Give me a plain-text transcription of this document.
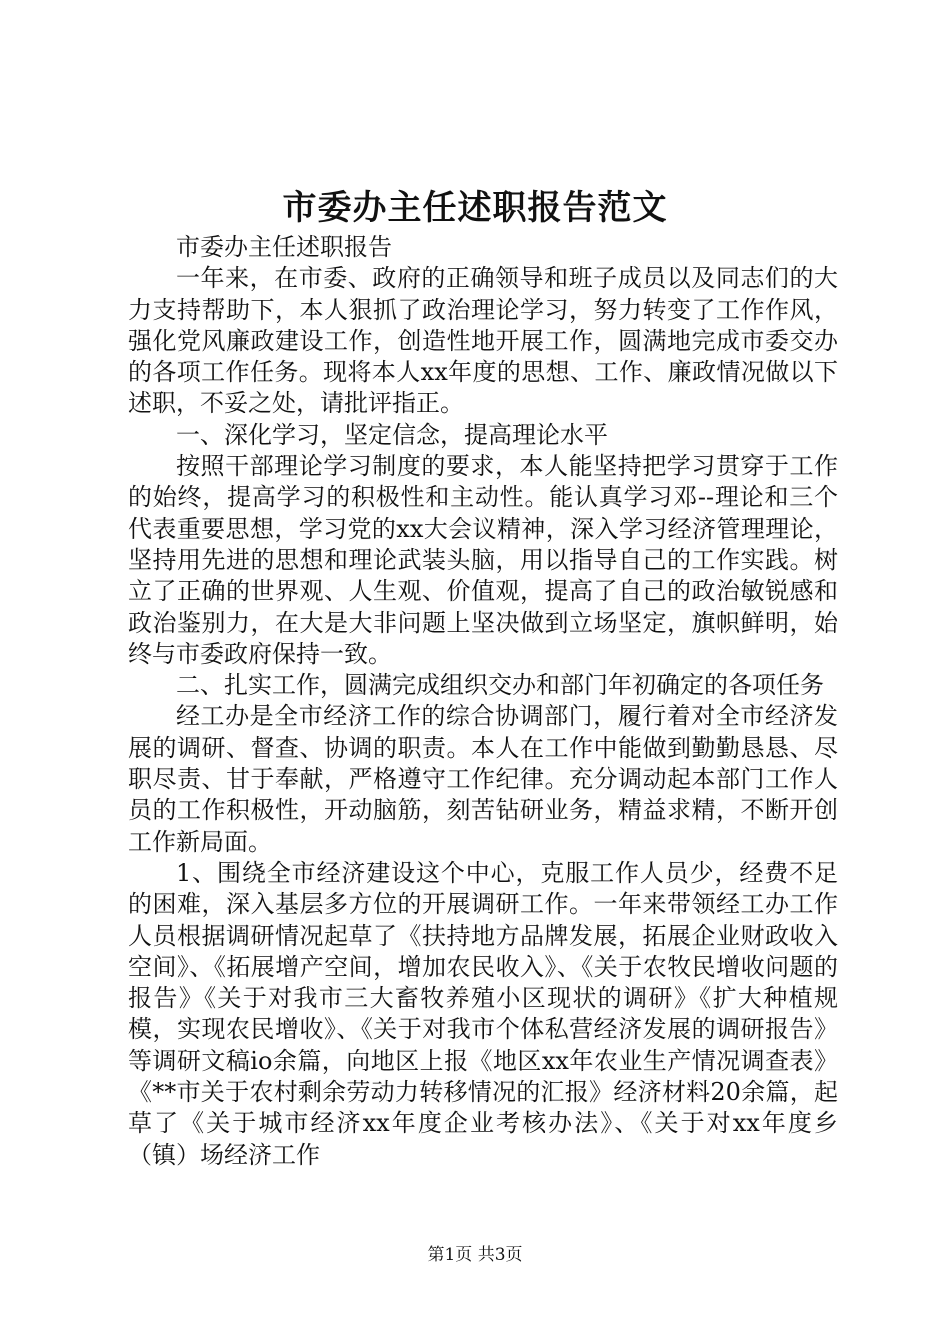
市委办主任述职报告范文

市委办主任述职报告

一年来，在市委、政府的正确领导和班子成员以及同志们的大力支持帮助下，本人狠抓了政治理论学习，努力转变了工作作风，强化党风廉政建设工作，创造性地开展工作，圆满地完成市委交办的各项工作任务。现将本人xx年度的思想、工作、廉政情况做以下述职，不妥之处，请批评指正。

一、深化学习，坚定信念，提高理论水平

按照干部理论学习制度的要求，本人能坚持把学习贯穿于工作的始终，提高学习的积极性和主动性。能认真学习邓--理论和三个代表重要思想，学习党的xx大会议精神，深入学习经济管理理论，坚持用先进的思想和理论武装头脑，用以指导自己的工作实践。树立了正确的世界观、人生观、价值观，提高了自己的政治敏锐感和政治鉴别力，在大是大非问题上坚决做到立场坚定，旗帜鲜明，始终与市委政府保持一致。

二、扎实工作，圆满完成组织交办和部门年初确定的各项任务

经工办是全市经济工作的综合协调部门，履行着对全市经济发展的调研、督查、协调的职责。本人在工作中能做到勤勤恳恳、尽职尽责、甘于奉献，严格遵守工作纪律。充分调动起本部门工作人员的工作积极性，开动脑筋，刻苦钻研业务，精益求精，不断开创工作新局面。

1、围绕全市经济建设这个中心，克服工作人员少，经费不足的困难，深入基层多方位的开展调研工作。一年来带领经工办工作人员根据调研情况起草了《扶持地方品牌发展，拓展企业财政收入空间》、《拓展增产空间，增加农民收入》、《关于农牧民增收问题的报告》《关于对我市三大畜牧养殖小区现状的调研》《扩大种植规模，实现农民增收》、《关于对我市个体私营经济发展的调研报告》等调研文稿io余篇，向地区上报《地区xx年农业生产情况调查表》《**市关于农村剩余劳动力转移情况的汇报》经济材料20余篇，起草了《关于城市经济xx年度企业考核办法》、《关于对xx年度乡（镇）场经济工作

第1页 共3页
